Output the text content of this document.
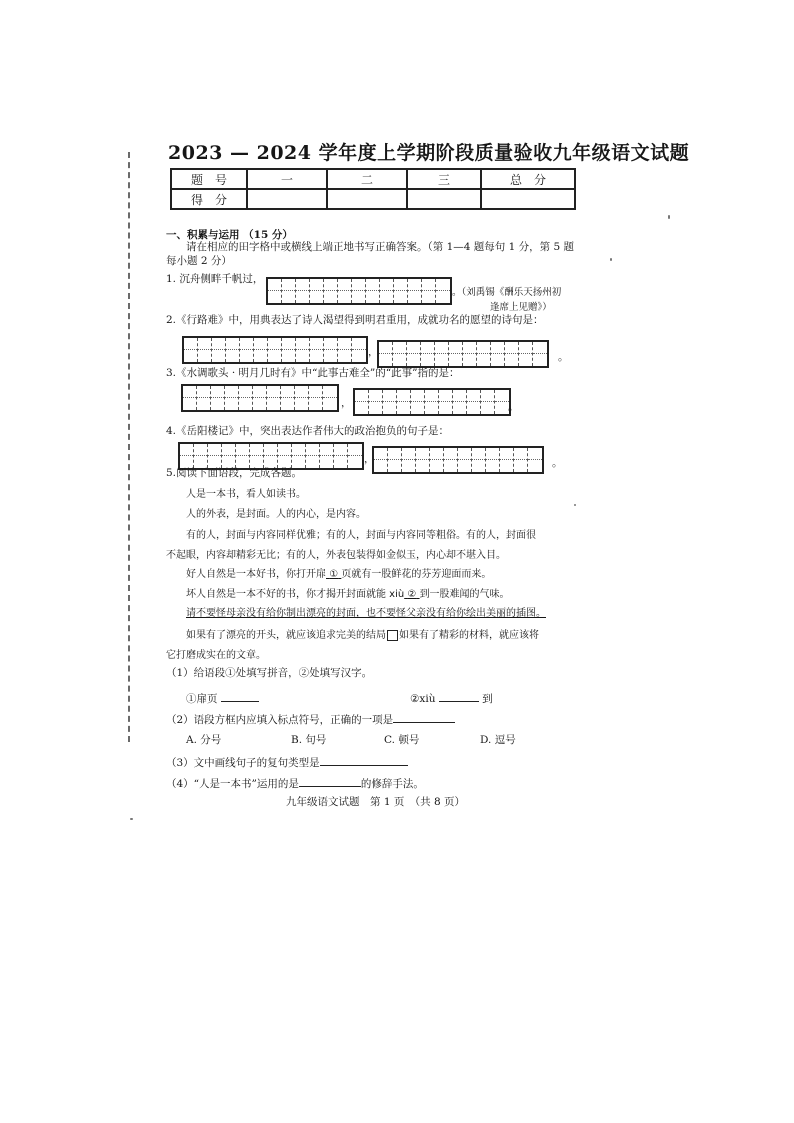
2023 — 2024 学年度上学期阶段质量验收九年级语文试题
题　号	一	二	三	总　分
得　分				
一、积累与运用 （15 分）
请在相应的田字格中或横线上端正地书写正确答案。（第 1—4 题每句 1 分，第 5 题
每小题 2 分）
1. 沉舟侧畔千帆过，
。（刘禹锡《酬乐天扬州初
逢席上见赠》）
2.《行路难》中，用典表达了诗人渴望得到明君重用，成就功名的愿望的诗句是：
，	。
3.《水调歌头 · 明月几时有》中“此事古难全”的“此事”指的是：
，	。
4.《岳阳楼记》中，突出表达作者伟大的政治抱负的句子是：
，	。
5.阅读下面语段，完成各题。
人是一本书，看人如读书。
人的外表，是封面。人的内心，是内容。
有的人，封面与内容同样优雅；有的人，封面与内容同等粗俗。有的人，封面很
不起眼，内容却精彩无比；有的人，外表包装得如金似玉，内心却不堪入目。
好人自然是一本好书，你打开扉 ① 页就有一股鲜花的芬芳迎面而来。
坏人自然是一本不好的书，你才揭开封面就能 xiù ② 到一股难闻的气味。
请不要怪母亲没有给你制出漂亮的封面，也不要怪父亲没有给你绘出美丽的插图。
如果有了漂亮的开头，就应该追求完美的结局 如果有了精彩的材料，就应该将
它打磨成实在的文章。
（1）给语段①处填写拼音，②处填写汉字。
①扉页	②xiù	到
（2）语段方框内应填入标点符号，正确的一项是
A. 分号	B. 句号	C. 顿号	D. 逗号
（3）文中画线句子的复句类型是
（4）“人是一本书”运用的是	的修辞手法。
九年级语文试题　第 1 页　（共 8 页）
